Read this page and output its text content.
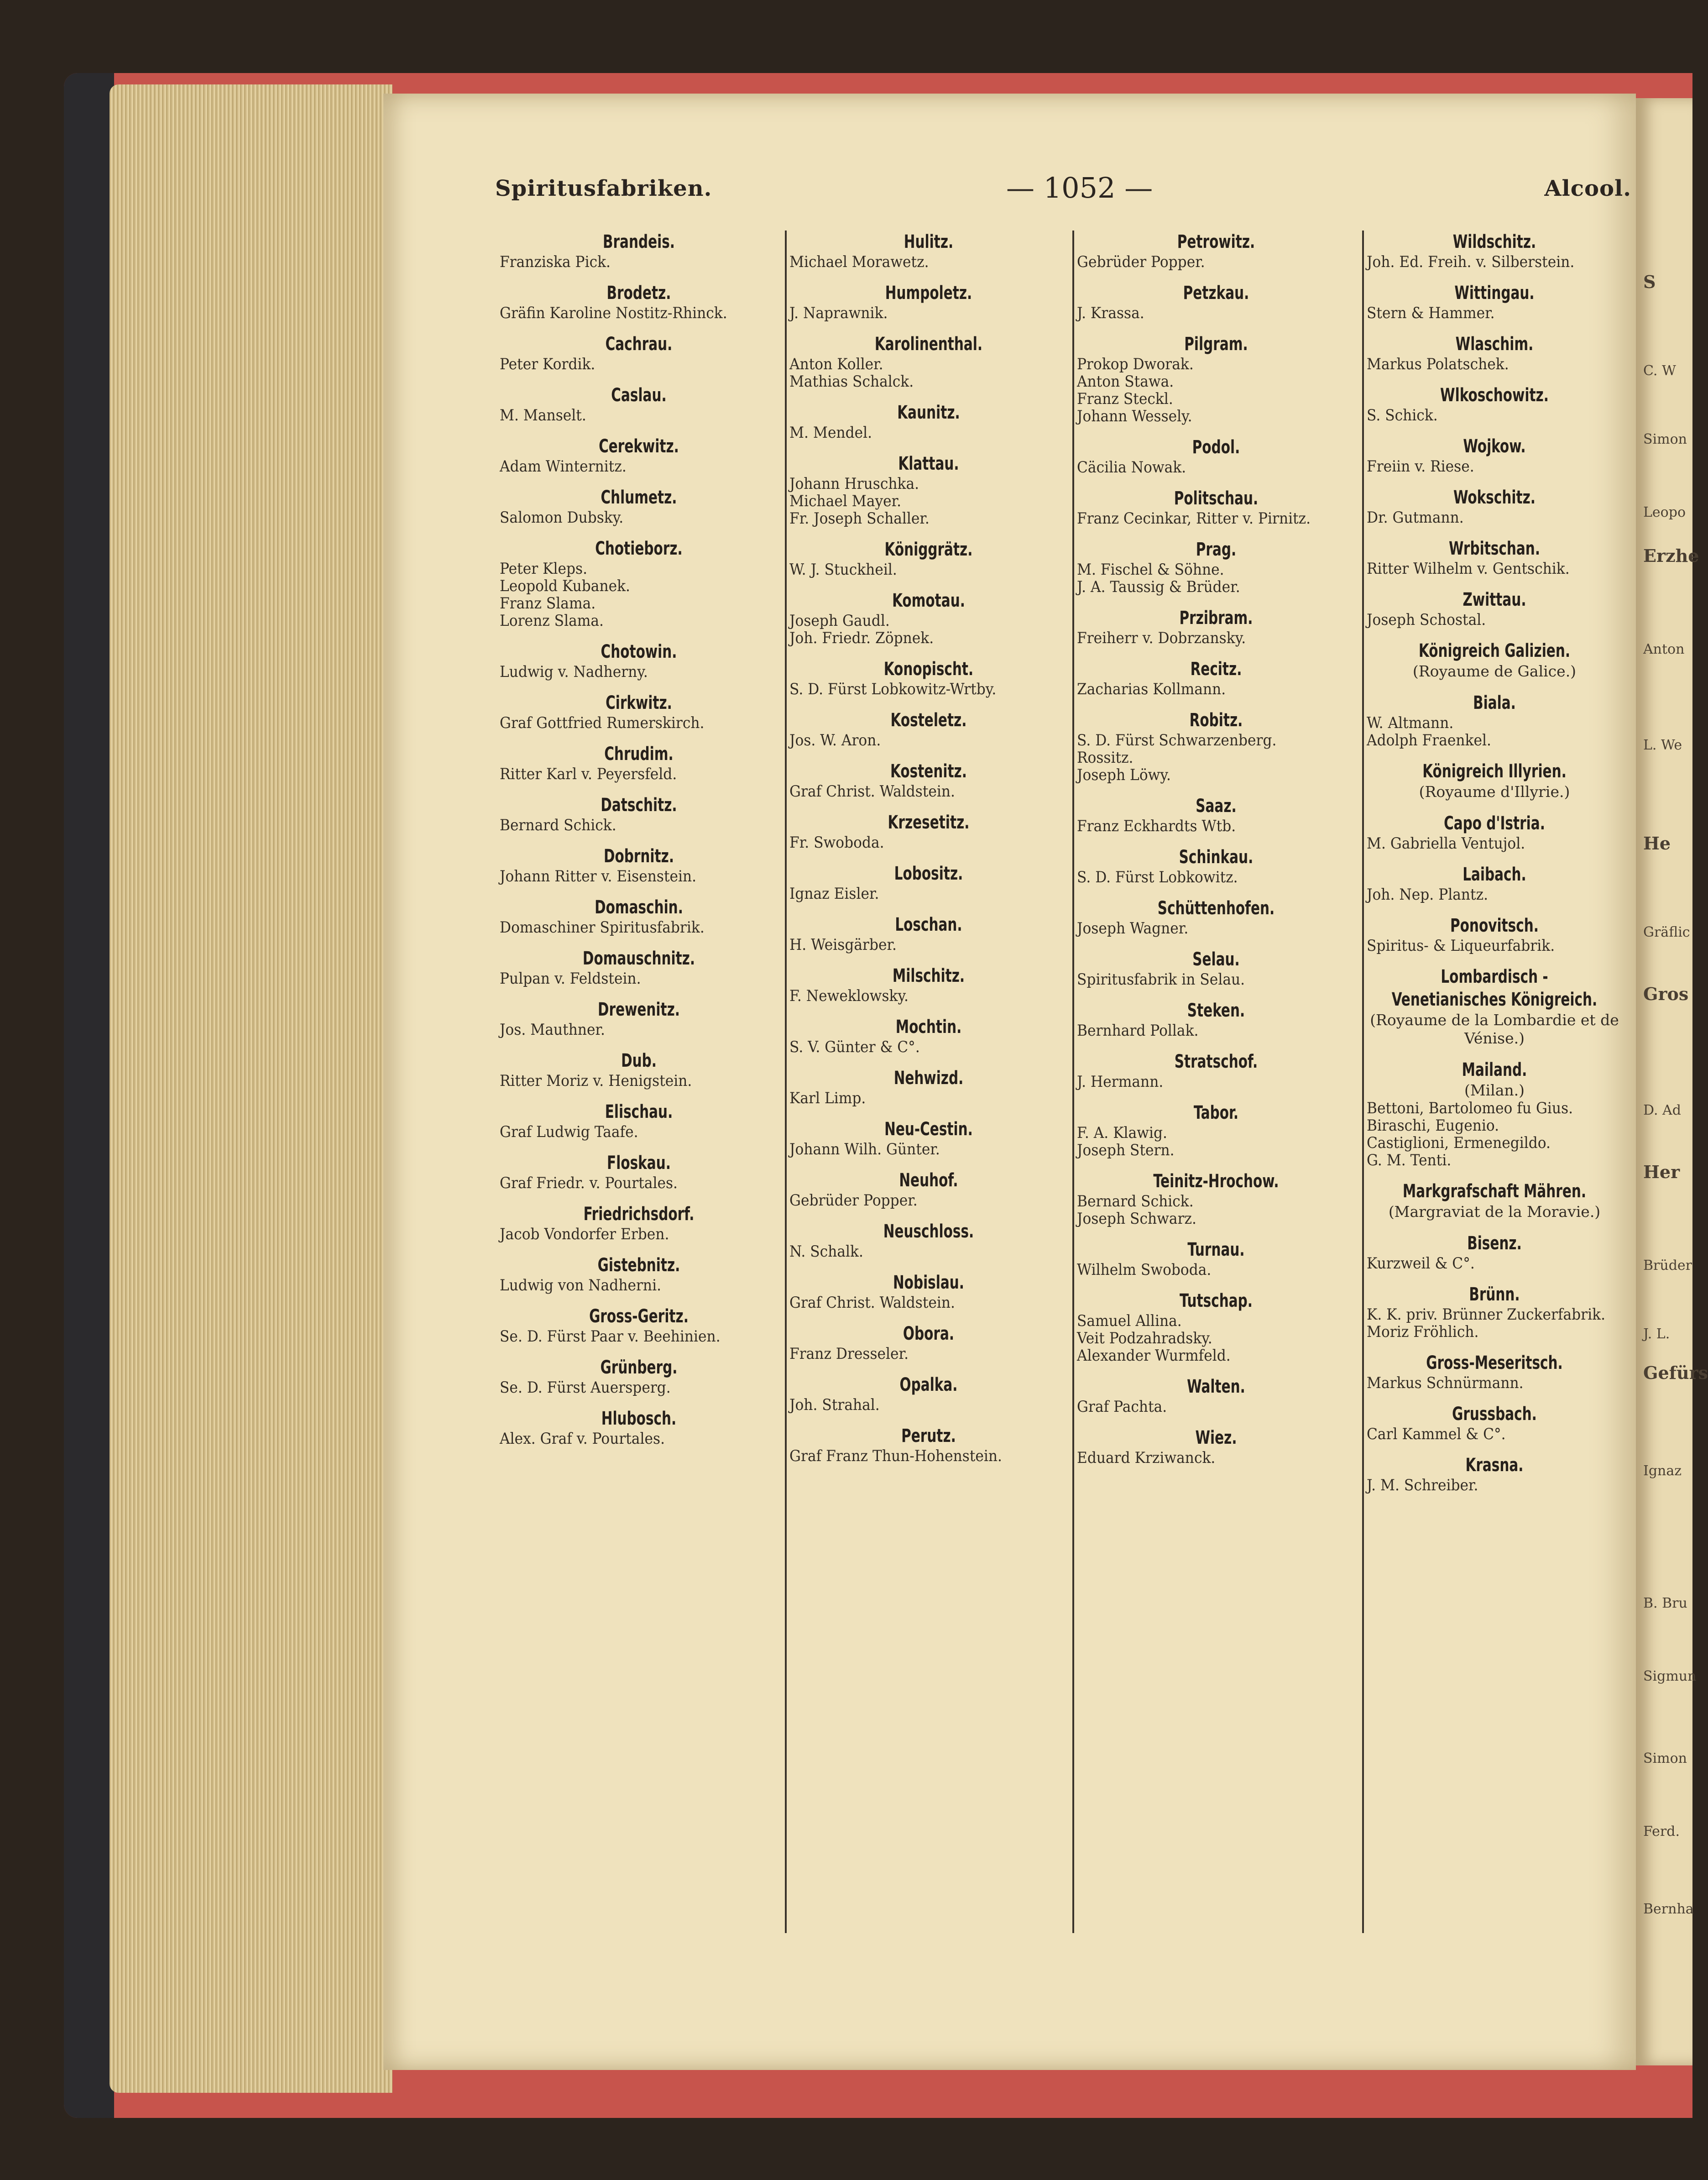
S
C. W
Simon
Leopo
Erzhe
Anton
L. We
He
Gräflic
Gros
D. Ad
Her
Brüder
J. L.
Gefürs
Ignaz
B. Bru
Sigmun
Simon
Ferd.
Bernha
Spiritusfabriken.	— 1052 —	Alcool.
Brandeis.
Franziska Pick.
Brodetz.
Gräfin Karoline Nostitz-Rhinck.
Cachrau.
Peter Kordik.
Caslau.
M. Manselt.
Cerekwitz.
Adam Winternitz.
Chlumetz.
Salomon Dubsky.
Chotieborz.
Peter Kleps.
Leopold Kubanek.
Franz Slama.
Lorenz Slama.
Chotowin.
Ludwig v. Nadherny.
Cirkwitz.
Graf Gottfried Rumerskirch.
Chrudim.
Ritter Karl v. Peyersfeld.
Datschitz.
Bernard Schick.
Dobrnitz.
Johann Ritter v. Eisenstein.
Domaschin.
Domaschiner Spiritusfabrik.
Domauschnitz.
Pulpan v. Feldstein.
Drewenitz.
Jos. Mauthner.
Dub.
Ritter Moriz v. Henigstein.
Elischau.
Graf Ludwig Taafe.
Floskau.
Graf Friedr. v. Pourtales.
Friedrichsdorf.
Jacob Vondorfer Erben.
Gistebnitz.
Ludwig von Nadherni.
Gross-Geritz.
Se. D. Fürst Paar v. Beehinien.
Grünberg.
Se. D. Fürst Auersperg.
Hlubosch.
Alex. Graf v. Pourtales.
Hulitz.
Michael Morawetz.
Humpoletz.
J. Naprawnik.
Karolinenthal.
Anton Koller.
Mathias Schalck.
Kaunitz.
M. Mendel.
Klattau.
Johann Hruschka.
Michael Mayer.
Fr. Joseph Schaller.
Königgrätz.
W. J. Stuckheil.
Komotau.
Joseph Gaudl.
Joh. Friedr. Zöpnek.
Konopischt.
S. D. Fürst Lobkowitz-Wrtby.
Kosteletz.
Jos. W. Aron.
Kostenitz.
Graf Christ. Waldstein.
Krzesetitz.
Fr. Swoboda.
Lobositz.
Ignaz Eisler.
Loschan.
H. Weisgärber.
Milschitz.
F. Neweklowsky.
Mochtin.
S. V. Günter & C°.
Nehwizd.
Karl Limp.
Neu-Cestin.
Johann Wilh. Günter.
Neuhof.
Gebrüder Popper.
Neuschloss.
N. Schalk.
Nobislau.
Graf Christ. Waldstein.
Obora.
Franz Dresseler.
Opalka.
Joh. Strahal.
Perutz.
Graf Franz Thun-Hohenstein.
Petrowitz.
Gebrüder Popper.
Petzkau.
J. Krassa.
Pilgram.
Prokop Dworak.
Anton Stawa.
Franz Steckl.
Johann Wessely.
Podol.
Cäcilia Nowak.
Politschau.
Franz Cecinkar, Ritter v. Pirnitz.
Prag.
M. Fischel & Söhne.
J. A. Taussig & Brüder.
Przibram.
Freiherr v. Dobrzansky.
Recitz.
Zacharias Kollmann.
Robitz.
S. D. Fürst Schwarzenberg.
Rossitz.
Joseph Löwy.
Saaz.
Franz Eckhardts Wtb.
Schinkau.
S. D. Fürst Lobkowitz.
Schüttenhofen.
Joseph Wagner.
Selau.
Spiritusfabrik in Selau.
Steken.
Bernhard Pollak.
Stratschof.
J. Hermann.
Tabor.
F. A. Klawig.
Joseph Stern.
Teinitz-Hrochow.
Bernard Schick.
Joseph Schwarz.
Turnau.
Wilhelm Swoboda.
Tutschap.
Samuel Allina.
Veit Podzahradsky.
Alexander Wurmfeld.
Walten.
Graf Pachta.
Wiez.
Eduard Krziwanck.
Wildschitz.
Joh. Ed. Freih. v. Silberstein.
Wittingau.
Stern & Hammer.
Wlaschim.
Markus Polatschek.
Wlkoschowitz.
S. Schick.
Wojkow.
Freiin v. Riese.
Wokschitz.
Dr. Gutmann.
Wrbitschan.
Ritter Wilhelm v. Gentschik.
Zwittau.
Joseph Schostal.
Königreich Galizien.
(Royaume de Galice.)
Biala.
W. Altmann.
Adolph Fraenkel.
Königreich Illyrien.
(Royaume d'Illyrie.)
Capo d'Istria.
M. Gabriella Ventujol.
Laibach.
Joh. Nep. Plantz.
Ponovitsch.
Spiritus- & Liqueurfabrik.
Lombardisch - Venetianisches Königreich.
(Royaume de la Lombardie et de Vénise.)
Mailand.
(Milan.)
Bettoni, Bartolomeo fu Gius.
Biraschi, Eugenio.
Castiglioni, Ermenegildo.
G. M. Tenti.
Markgrafschaft Mähren.
(Margraviat de la Moravie.)
Bisenz.
Kurzweil & C°.
Brünn.
K. K. priv. Brünner Zuckerfabrik.
Moriz Fröhlich.
Gross-Meseritsch.
Markus Schnürmann.
Grussbach.
Carl Kammel & C°.
Krasna.
J. M. Schreiber.
